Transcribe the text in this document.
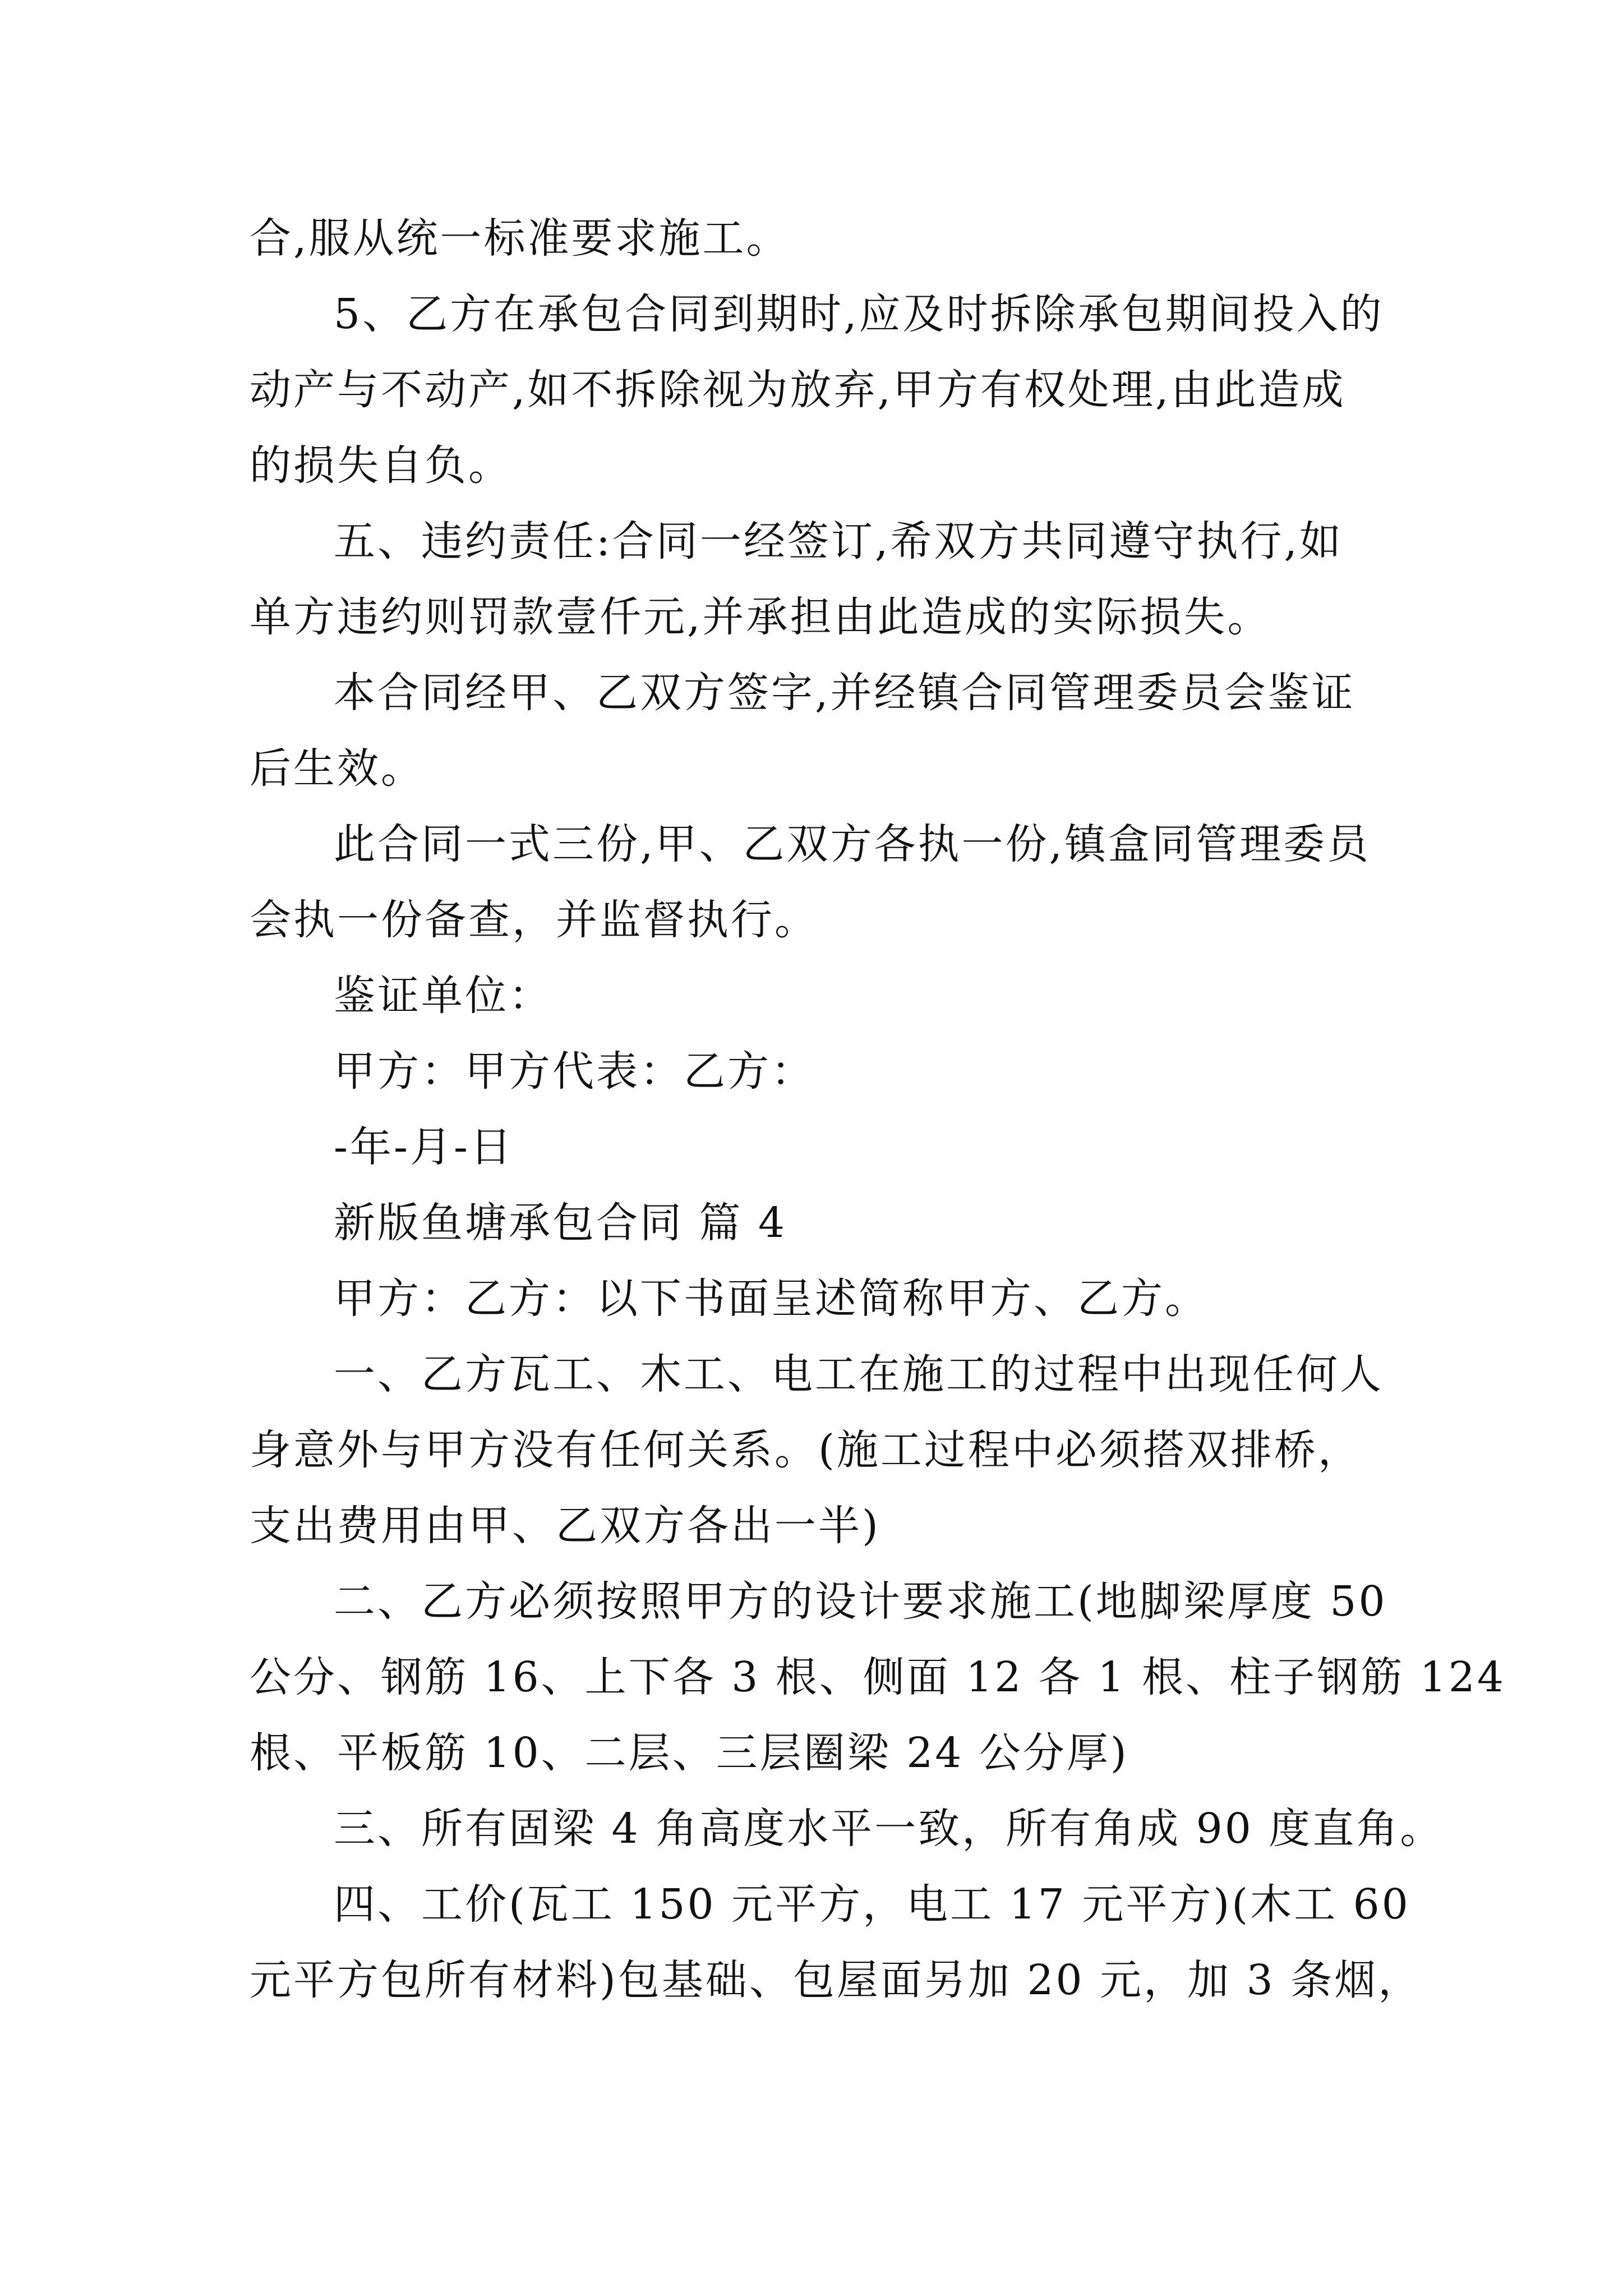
合,服从统一标准要求施工。
5、乙方在承包合同到期时,应及时拆除承包期间投入的
动产与不动产,如不拆除视为放弃,甲方有权处理,由此造成
的损失自负。
五、违约责任:合同一经签订,希双方共同遵守执行,如
单方违约则罚款壹仟元,并承担由此造成的实际损失。
本合同经甲、乙双方签字,并经镇合同管理委员会鉴证
后生效。
此合同一式三份,甲、乙双方各执一份,镇盒同管理委员
会执一份备查，并监督执行。
鉴证单位：
甲方：甲方代表：乙方：
-年-月-日
新版鱼塘承包合同 篇 4
甲方：乙方：以下书面呈述简称甲方、乙方。
一、乙方瓦工、木工、电工在施工的过程中出现任何人
身意外与甲方没有任何关系。(施工过程中必须搭双排桥，
支出费用由甲、乙双方各出一半)
二、乙方必须按照甲方的设计要求施工(地脚梁厚度 50
公分、钢筋 16、上下各 3 根、侧面 12 各 1 根、柱子钢筋 124
根、平板筋 10、二层、三层圈梁 24 公分厚)
三、所有固梁 4 角高度水平一致，所有角成 90 度直角。
四、工价(瓦工 150 元平方，电工 17 元平方)(木工 60
元平方包所有材料)包基础、包屋面另加 20 元，加 3 条烟，
